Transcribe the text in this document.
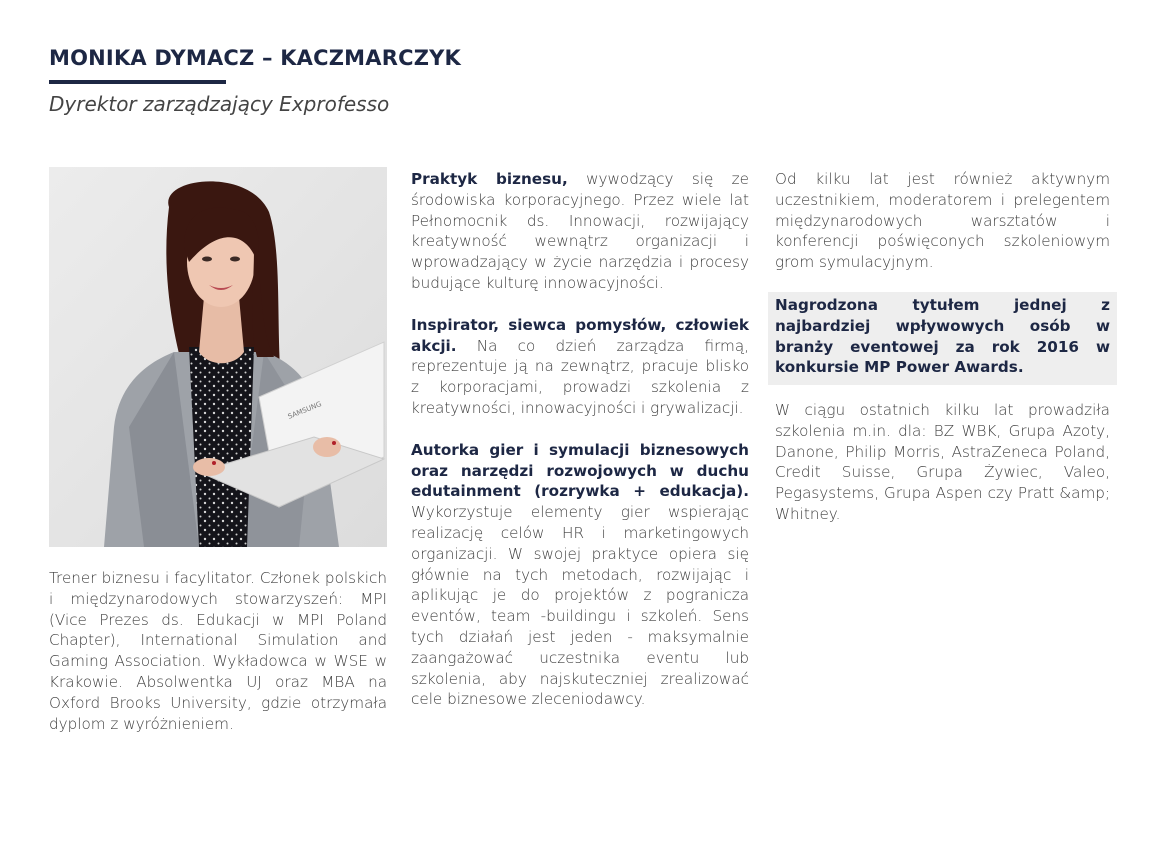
MONIKA DYMACZ – KACZMARCZYK
Dyrektor zarządzający Exprofesso
SAMSUNG

Trener biznesu i facylitator. Członek polskich i międzynarodowych stowarzyszeń: MPI (Vice Prezes ds. Edukacji w MPI Poland Chapter), International Simulation and Gaming Association. Wykładowca w WSE w Krakowie. Absolwentka UJ oraz MBA na Oxford Brooks University, gdzie otrzymała dyplom z wyróżnieniem.

Praktyk biznesu, wywodzący się ze środowiska korporacyjnego. Przez wiele lat Pełnomocnik ds. Innowacji, rozwijający kreatywność wewnątrz organizacji i wprowadzający w życie narzędzia i procesy budujące kulturę innowacyjności.

Inspirator, siewca pomysłów, człowiek akcji. Na co dzień zarządza firmą, reprezentuje ją na zewnątrz, pracuje blisko z korporacjami, prowadzi szkolenia z kreatywności, innowacyjności i grywalizacji.

Autorka gier i symulacji biznesowych oraz narzędzi rozwojowych w duchu edutainment (rozrywka + edukacja). Wykorzystuje elementy gier wspierając realizację celów HR i marketingowych organizacji. W swojej praktyce opiera się głównie na tych metodach, rozwijając i aplikując je do projektów z pogranicza eventów, team -buildingu i szkoleń. Sens tych działań jest jeden - maksymalnie zaangażować uczestnika eventu lub szkolenia, aby najskuteczniej zrealizować cele biznesowe zleceniodawcy.

Od kilku lat jest również aktywnym uczestnikiem, moderatorem i prelegentem międzynarodowych warsztatów i konferencji poświęconych szkoleniowym grom symulacyjnym.

Nagrodzona tytułem jednej z najbardziej wpływowych osób w branży eventowej za rok 2016 w konkursie MP Power Awards.

W ciągu ostatnich kilku lat prowadziła szkolenia m.in. dla: BZ WBK, Grupa Azoty, Danone, Philip Morris, AstraZeneca Poland, Credit Suisse, Grupa Żywiec, Valeo, Pegasystems, Grupa Aspen czy Pratt &amp; Whitney.
